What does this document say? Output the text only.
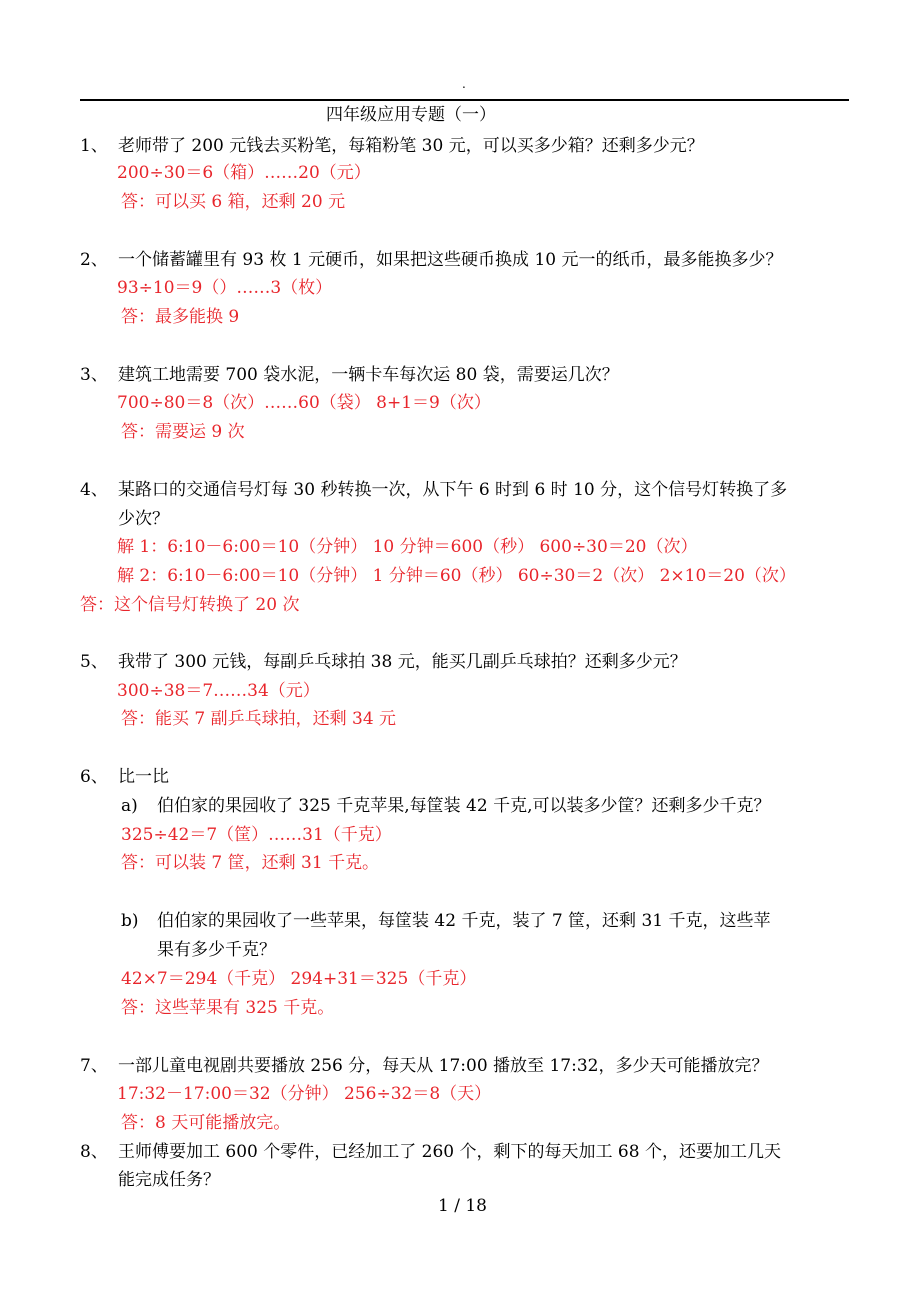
.
四年级应用专题（一）
1、 老师带了 200 元钱去买粉笔，每箱粉笔 30 元，可以买多少箱？还剩多少元？
200÷30＝6（箱）……20（元）
答：可以买 6 箱，还剩 20 元
2、 一个储蓄罐里有 93 枚 1 元硬币，如果把这些硬币换成 10 元一的纸币，最多能换多少？
93÷10＝9（）……3（枚）
答：最多能换 9
3、 建筑工地需要 700 袋水泥，一辆卡车每次运 80 袋，需要运几次？
700÷80＝8（次）……60（袋） 8+1＝9（次）
答：需要运 9 次
4、 某路口的交通信号灯每 30 秒转换一次，从下午 6 时到 6 时 10 分，这个信号灯转换了多
少次？
解 1：6:10－6:00＝10（分钟） 10 分钟＝600（秒） 600÷30＝20（次）
解 2：6:10－6:00＝10（分钟） 1 分钟＝60（秒） 60÷30＝2（次） 2×10＝20（次）
答：这个信号灯转换了 20 次
5、 我带了 300 元钱，每副乒乓球拍 38 元，能买几副乒乓球拍？还剩多少元？
300÷38＝7……34（元）
答：能买 7 副乒乓球拍，还剩 34 元
6、 比一比
a) 伯伯家的果园收了 325 千克苹果,每筐装 42 千克,可以装多少筐？还剩多少千克？
325÷42＝7（筐）……31（千克）
答：可以装 7 筐，还剩 31 千克。
b) 伯伯家的果园收了一些苹果，每筐装 42 千克，装了 7 筐，还剩 31 千克，这些苹
果有多少千克？
42×7＝294（千克） 294+31＝325（千克）
答：这些苹果有 325 千克。
7、 一部儿童电视剧共要播放 256 分，每天从 17:00 播放至 17:32，多少天可能播放完？
17:32－17:00＝32（分钟） 256÷32＝8（天）
答：8 天可能播放完。
8、 王师傅要加工 600 个零件，已经加工了 260 个，剩下的每天加工 68 个，还要加工几天
能完成任务？
1 / 18
